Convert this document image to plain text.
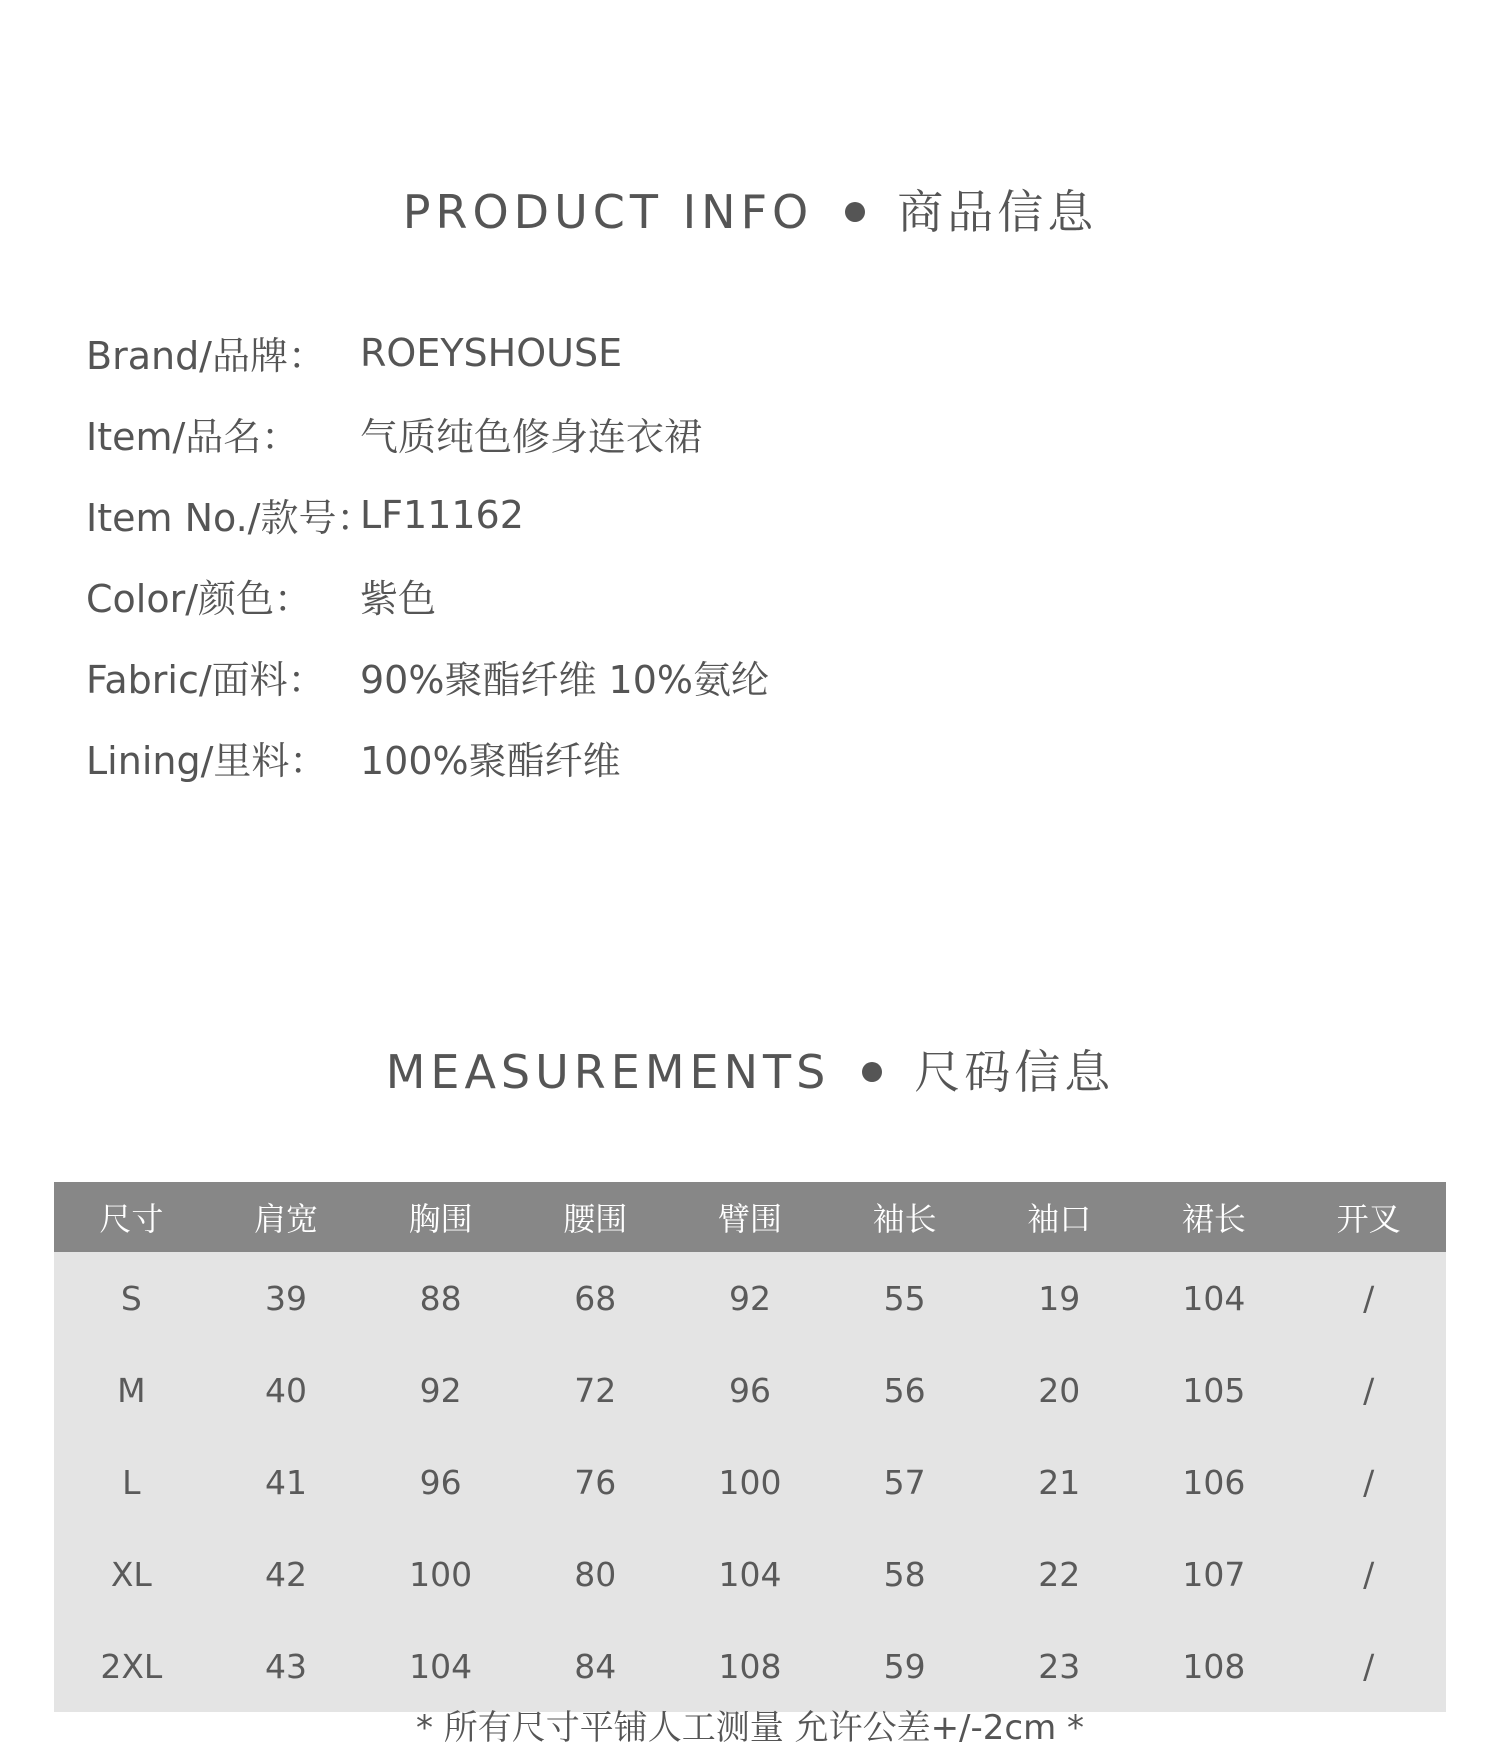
PRODUCT INFO 商品信息
Brand/品牌： ROEYSHOUSE
Item/品名：	气质纯色修身连衣裙
Item No./款号：
LF11162
Color/颜色：	紫色
Fabric/面料： 90%聚酯纤维 10%氨纶
Lining/里料： 100%聚酯纤维
MEASUREMENTS 尺码信息
尺寸	肩宽	胸围	腰围	臂围	袖长	袖口	裙长	开叉
S	39	88	68	92	55	19	104	/
M	40	92	72	96	56	20	105	/
L	41	96	76	100	57	21	106	/
XL	42	100	80	104	58	22	107	/
2XL	43	104	84	108	59	23	108	/
* 所有尺寸平铺人工测量 允许公差+/-2cm *
